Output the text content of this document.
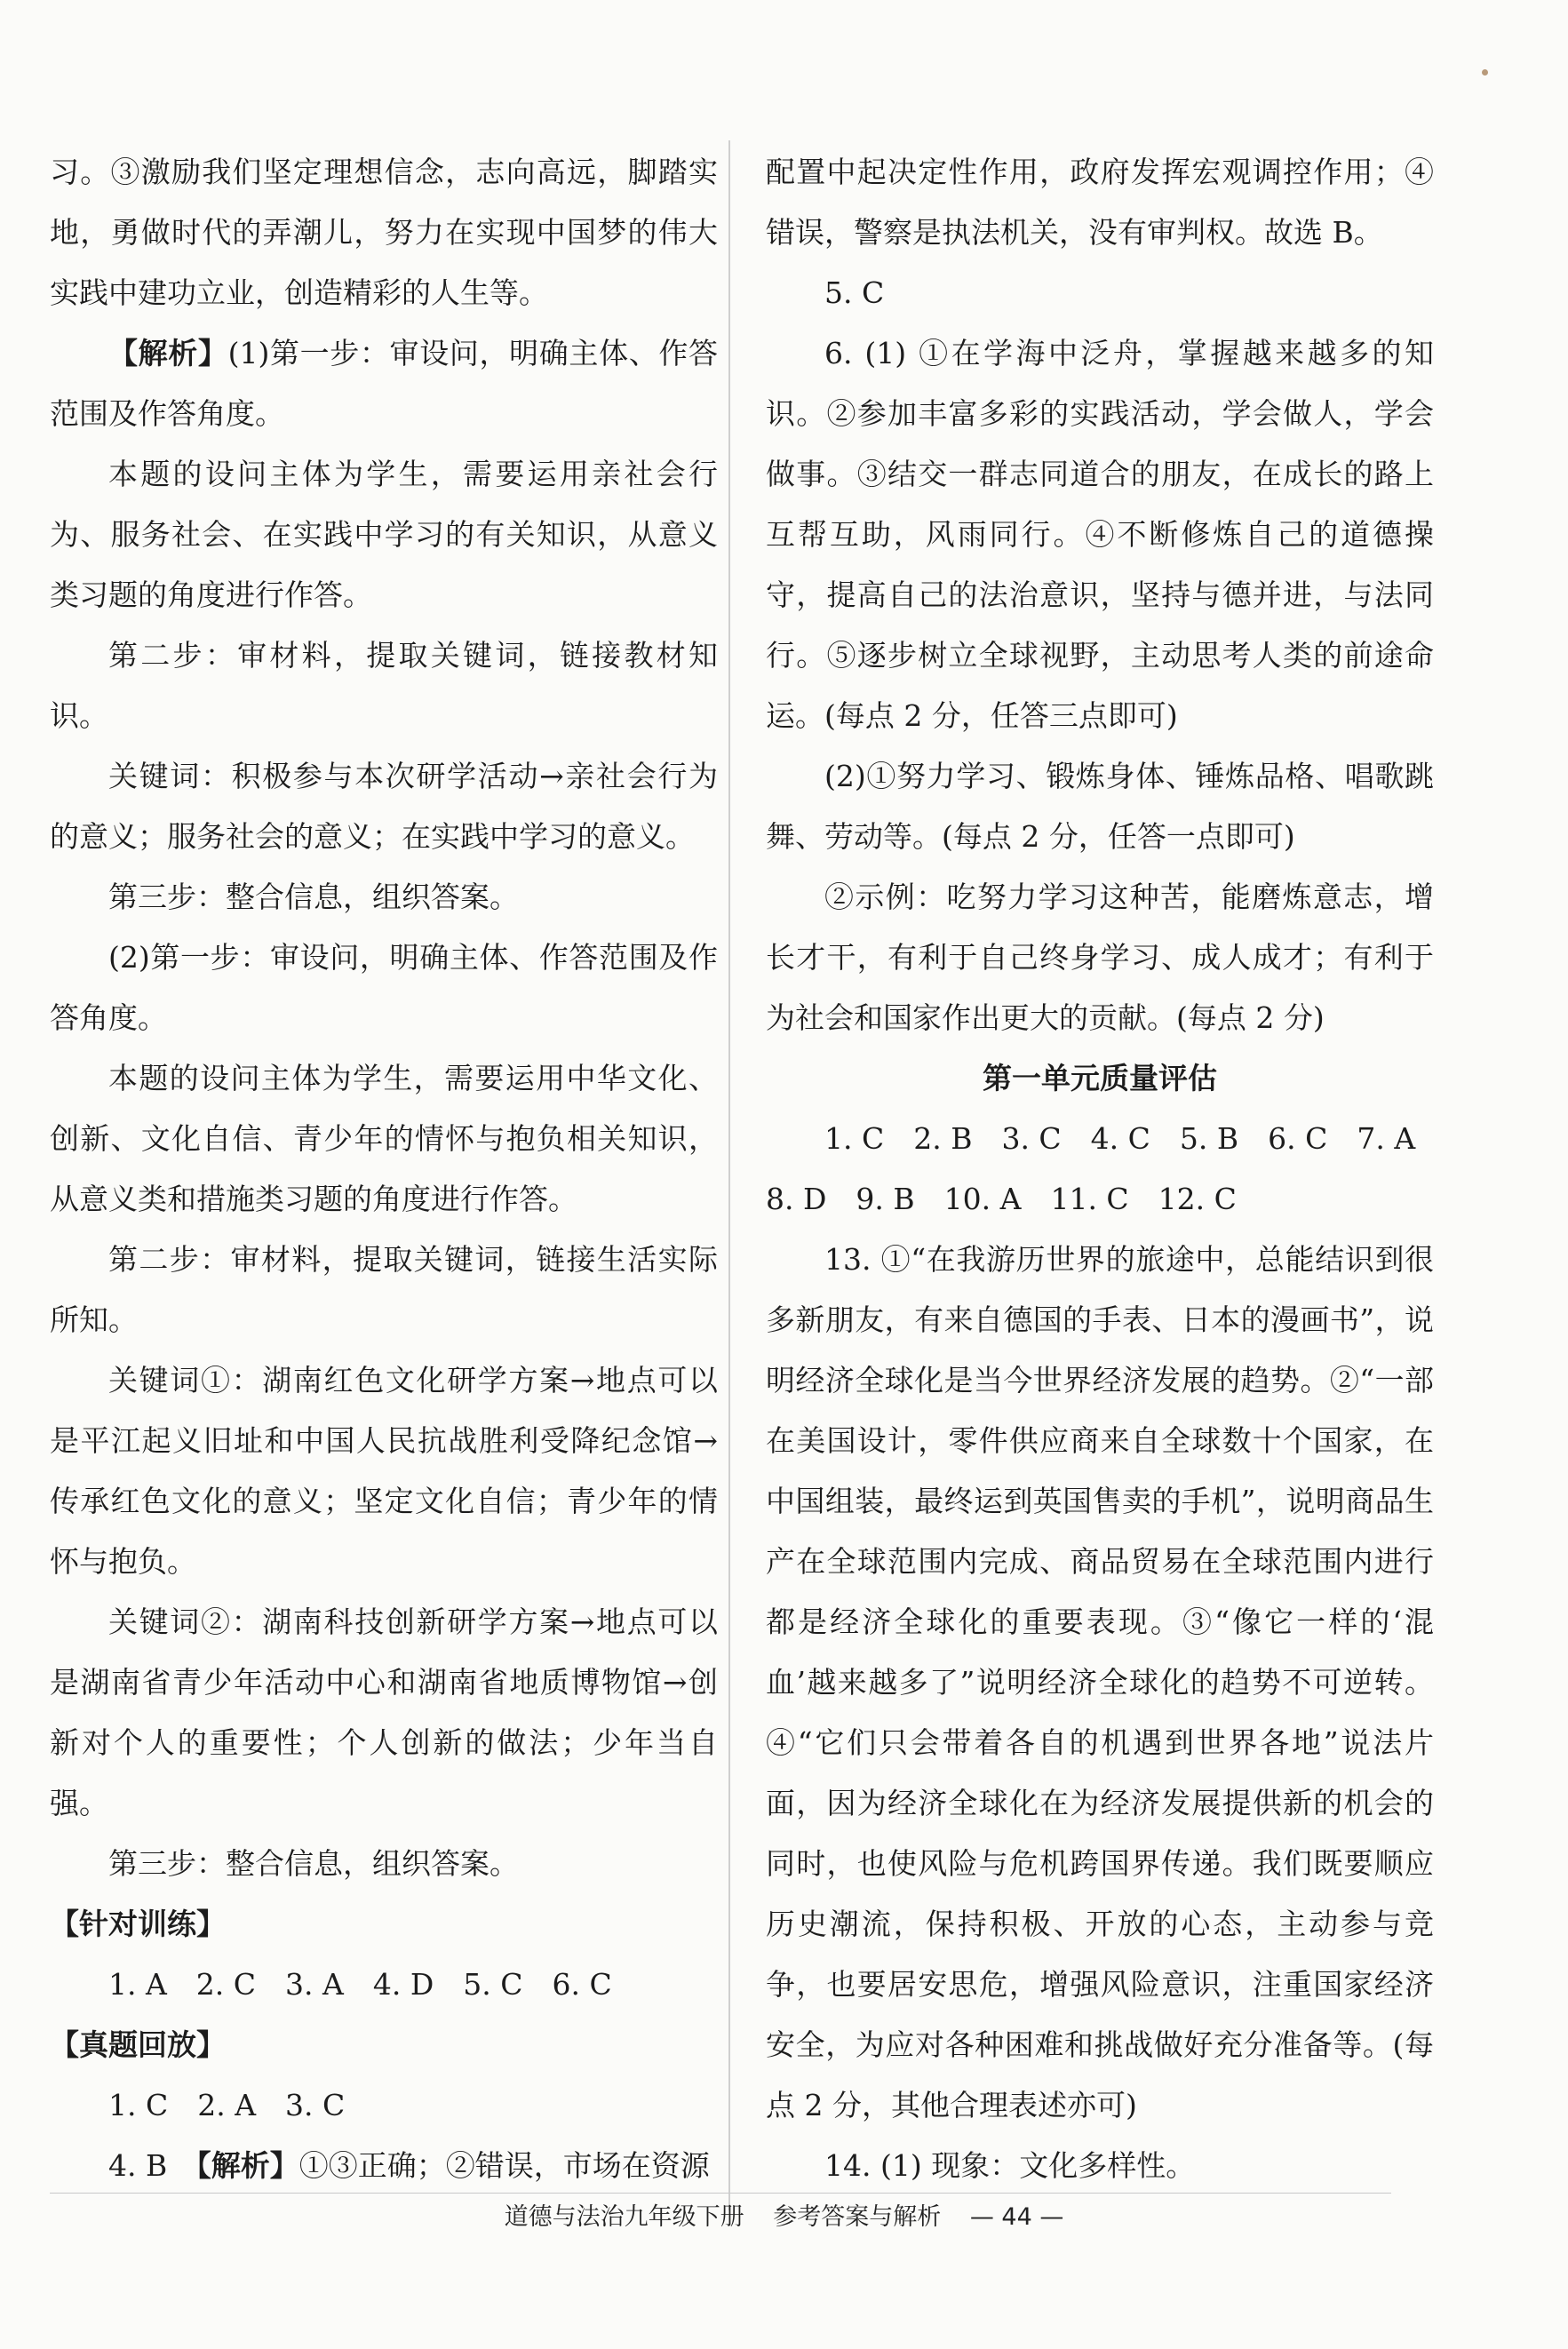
习。③激励我们坚定理想信念，志向高远，脚踏实地，勇做时代的弄潮儿，努力在实现中国梦的伟大实践中建功立业，创造精彩的人生等。

【解析】(1)第一步：审设问，明确主体、作答范围及作答角度。

本题的设问主体为学生，需要运用亲社会行为、服务社会、在实践中学习的有关知识，从意义类习题的角度进行作答。

第二步：审材料，提取关键词，链接教材知识。

关键词：积极参与本次研学活动→亲社会行为的意义；服务社会的意义；在实践中学习的意义。

第三步：整合信息，组织答案。

(2)第一步：审设问，明确主体、作答范围及作答角度。

本题的设问主体为学生，需要运用中华文化、创新、文化自信、青少年的情怀与抱负相关知识，从意义类和措施类习题的角度进行作答。

第二步：审材料，提取关键词，链接生活实际所知。

关键词①：湖南红色文化研学方案→地点可以是平江起义旧址和中国人民抗战胜利受降纪念馆→传承红色文化的意义；坚定文化自信；青少年的情怀与抱负。

关键词②：湖南科技创新研学方案→地点可以是湖南省青少年活动中心和湖南省地质博物馆→创新对个人的重要性；个人创新的做法；少年当自强。

第三步：整合信息，组织答案。

【针对训练】

1. A　2. C　3. A　4. D　5. C　6. C

【真题回放】

1. C　2. A　3. C

4. B　【解析】①③正确；②错误，市场在资源

配置中起决定性作用，政府发挥宏观调控作用；④错误，警察是执法机关，没有审判权。故选 B。

5. C

6. (1) ①在学海中泛舟，掌握越来越多的知识。②参加丰富多彩的实践活动，学会做人，学会做事。③结交一群志同道合的朋友，在成长的路上互帮互助，风雨同行。④不断修炼自己的道德操守，提高自己的法治意识，坚持与德并进，与法同行。⑤逐步树立全球视野，主动思考人类的前途命运。(每点 2 分，任答三点即可)

(2)①努力学习、锻炼身体、锤炼品格、唱歌跳舞、劳动等。(每点 2 分，任答一点即可)

②示例：吃努力学习这种苦，能磨炼意志，增长才干，有利于自己终身学习、成人成才；有利于为社会和国家作出更大的贡献。(每点 2 分)

第一单元质量评估

1. C　2. B　3. C　4. C　5. B　6. C　7. A

8. D　9. B　10. A　11. C　12. C

13. ①“在我游历世界的旅途中，总能结识到很多新朋友，有来自德国的手表、日本的漫画书”，说明经济全球化是当今世界经济发展的趋势。②“一部在美国设计，零件供应商来自全球数十个国家，在中国组装，最终运到英国售卖的手机”，说明商品生产在全球范围内完成、商品贸易在全球范围内进行都是经济全球化的重要表现。③“像它一样的‘混血’越来越多了”说明经济全球化的趋势不可逆转。④“它们只会带着各自的机遇到世界各地”说法片面，因为经济全球化在为经济发展提供新的机会的同时，也使风险与危机跨国界传递。我们既要顺应历史潮流，保持积极、开放的心态，主动参与竞争，也要居安思危，增强风险意识，注重国家经济安全，为应对各种困难和挑战做好充分准备等。(每点 2 分，其他合理表述亦可)

14. (1) 现象：文化多样性。

道德与法治九年级下册 参考答案与解析 — 44 —
